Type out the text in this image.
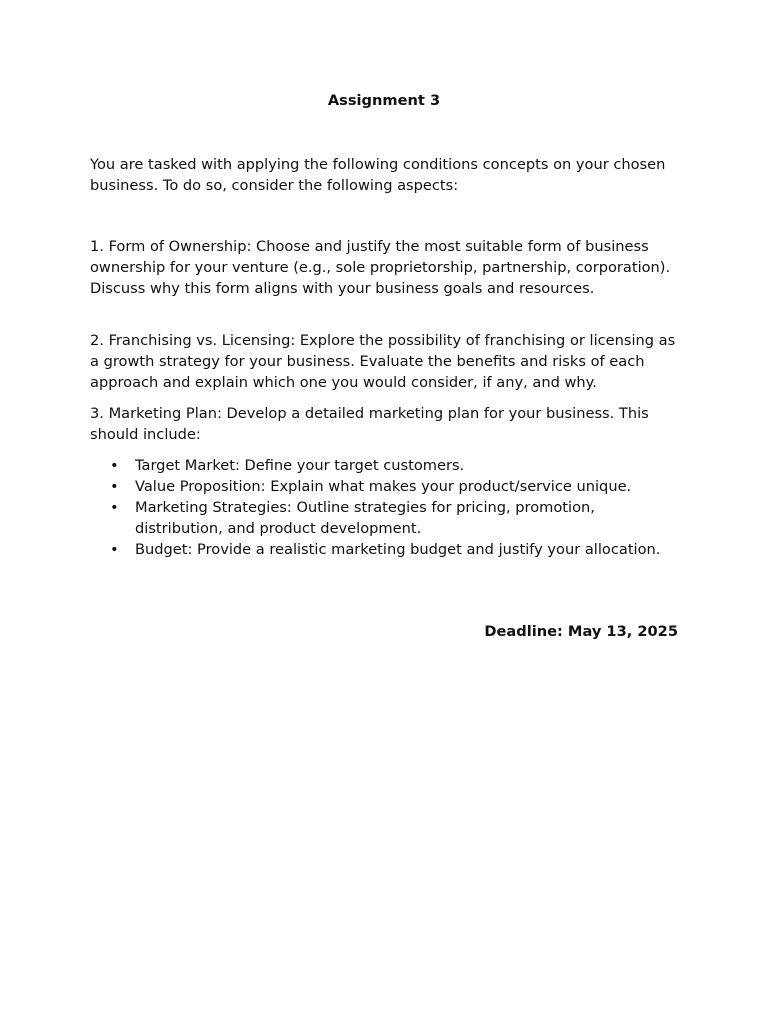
Assignment 3

You are tasked with applying the following conditions concepts on your chosen business. To do so, consider the following aspects:

1. Form of Ownership: Choose and justify the most suitable form of business ownership for your venture (e.g., sole proprietorship, partnership, corporation). Discuss why this form aligns with your business goals and resources.

2. Franchising vs. Licensing: Explore the possibility of franchising or licensing as a growth strategy for your business. Evaluate the benefits and risks of each approach and explain which one you would consider, if any, and why.

3. Marketing Plan: Develop a detailed marketing plan for your business. This should include:

• Target Market: Define your target customers.
• Value Proposition: Explain what makes your product/service unique.
• Marketing Strategies: Outline strategies for pricing, promotion, distribution, and product development.
• Budget: Provide a realistic marketing budget and justify your allocation.
Deadline: May 13, 2025
